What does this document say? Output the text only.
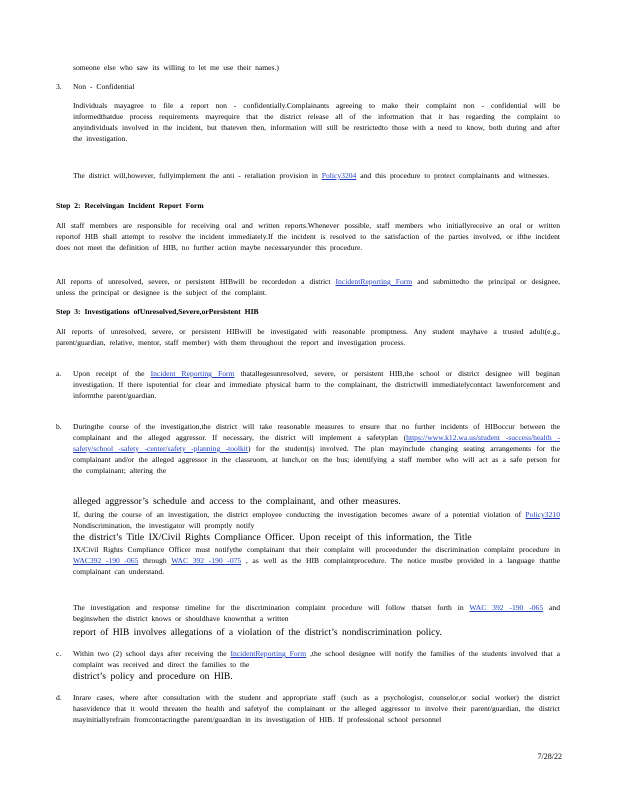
someone else who saw its willing to let me use their names.)
3. Non - Confidential
Individuals mayagree to file a report non - confidentially.Complainants agreeing to make their complaint non - confidential will be informedthatdue process requirements mayrequire that the district release all of the information that it has regarding the complaint to anyindividuals involved in the incident, but thateven then, information will still be restrictedto those with a need to know, both during and after the investigation.
The district will,however, fullyimplement the anti - retaliation provision in Policy3204 and this procedure to protect complainants and witnesses.
Step 2: Receivingan Incident Report Form
All staff members are responsible for receiving oral and written reports.Whenever possible, staff members who initiallyreceive an oral or written reportof HIB shall attempt to resolve the incident immediately.If the incident is resolved to the satisfaction of the parties involved, or ifthe incident does not meet the definition of HIB, no further action maybe necessaryunder this procedure.
All reports of unresolved, severe, or persistent HIBwill be recordedon a district IncidentReporting Form and submittedto the principal or designee, unless the principal or designee is the subject of the complaint.
Step 3: Investigations ofUnresolved,Severe,orPersistent HIB
All reports of unresolved, severe, or persistent HIBwill be investigated with reasonable promptness. Any student mayhave a trusted adult(e.g., parent/guardian, relative, mentor, staff member) with them throughout the report and investigation process.
a. Upon receipt of the Incident Reporting Form thatallegesunresolved, severe, or persistent HIB,the school or district designee will beginan investigation. If there ispotential for clear and immediate physical harm to the complainant, the districtwill immediatelycontact lawenforcement and informthe parent/guardian.
b. Duringthe course of the investigation,the district will take reasonable measures to ensure that no further incidents of HIBoccur between the complainant and the alleged aggressor. If necessary, the district will implement a safetyplan (https://www.k12.wa.us/student -success/health -safety/school -safety -center/safety -planning -toolkit) for the student(s) involved. The plan mayinclude changing seating arrangements for the complainant and/or the alleged aggressor in the classroom, at lunch,or on the bus; identifying a staff member who will act as a safe person for the complainant; altering the
alleged aggressor’s schedule and access to the complainant, and other measures.
If, during the course of an investigation, the district employee conducting the investigation becomes aware of a potential violation of Policy3210 Nondiscrimination, the investigator will promptly notify
the district’s Title IX/Civil Rights Compliance Officer. Upon receipt of this information, the Title
IX/Civil Rights Compliance Officer must notifythe complainant that their complaint will proceedunder the discrimination complaint procedure in WAC392 -190 -065 through WAC 392 -190 -075 , as well as the HIB complaintprocedure. The notice mustbe provided in a language thatthe complainant can understand.
The investigation and response timeline for the discrimination complaint procedure will follow thatset forth in WAC 392 -190 -065 and beginswhen the district knows or shouldhave knownthat a written
report of HIB involves allegations of a violation of the district’s nondiscrimination policy.
c. Within two (2) school days after receiving the IncidentReporting Form ,the school designee will notify the families of the students involved that a complaint was received and direct the families to the
district’s policy and procedure on HIB.
d. Inrare cases, where after consultation with the student and appropriate staff (such as a psychologist, counselor,or social worker) the district hasevidence that it would threaten the health and safetyof the complainant or the alleged aggressor to involve their parent/guardian, the district mayinitiallyrefrain fromcontactingthe parent/guardian in its investigation of HIB. If professional school personnel
7/28/22
